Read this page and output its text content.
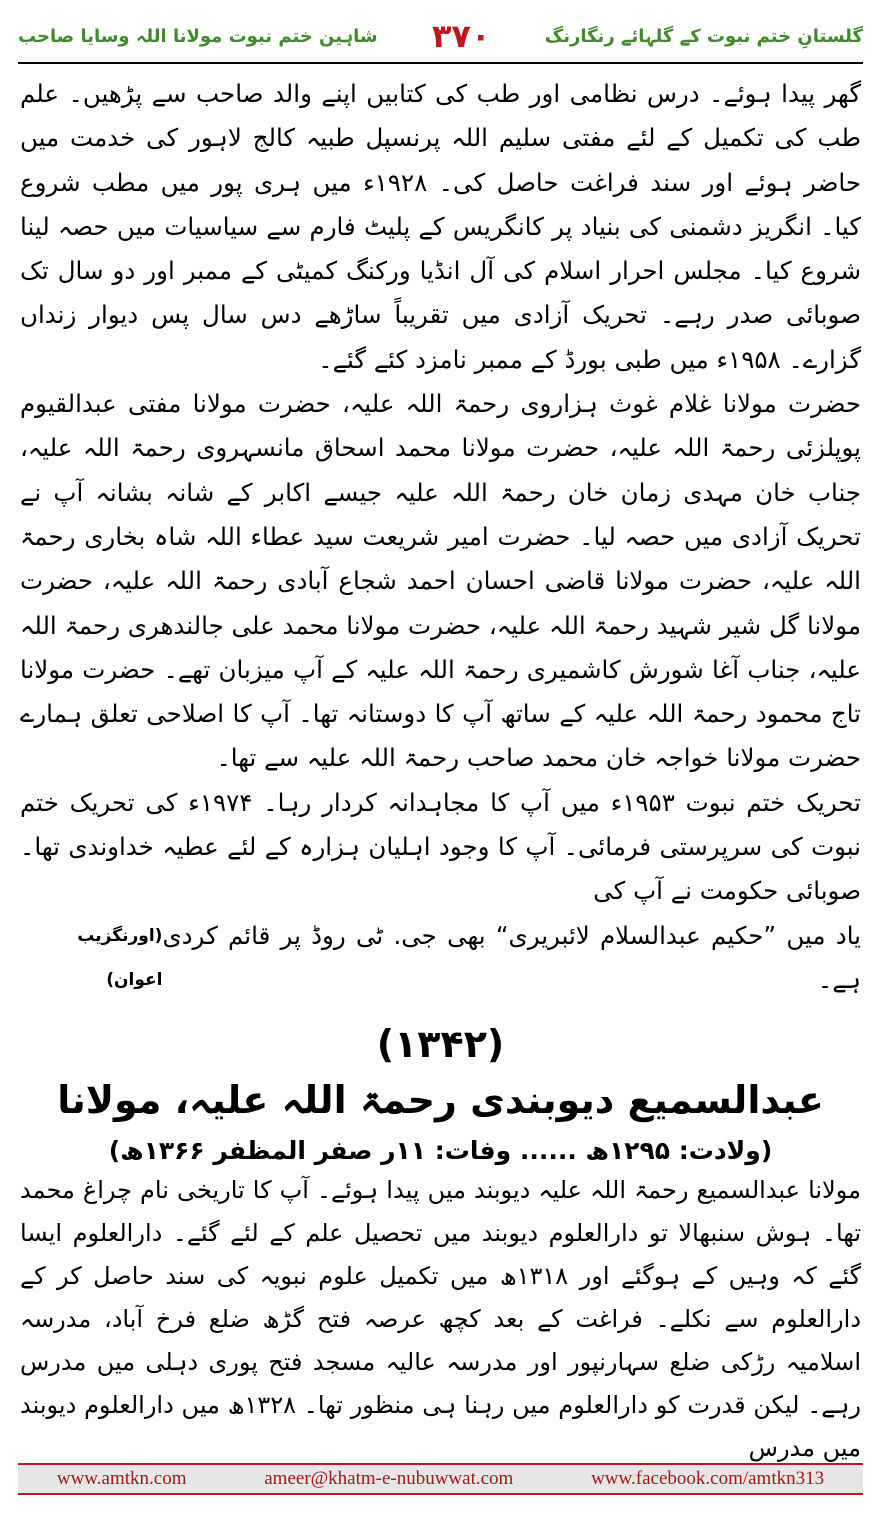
شاہین ختم نبوت مولانا اللہ وسایا صاحب ۳۷۰	گلستانِ ختم نبوت کے گلہائے رنگارنگ

گھر پیدا ہوئے۔ درس نظامی اور طب کی کتابیں اپنے والد صاحب سے پڑھیں۔ علم طب کی تکمیل کے لئے مفتی سلیم اللہ پرنسپل طبیہ کالج لاہور کی خدمت میں حاضر ہوئے اور سند فراغت حاصل کی۔ ۱۹۲۸ء میں ہری پور میں مطب شروع کیا۔ انگریز دشمنی کی بنیاد پر کانگریس کے پلیٹ فارم سے سیاسیات میں حصہ لینا شروع کیا۔ مجلس احرار اسلام کی آل انڈیا ورکنگ کمیٹی کے ممبر اور دو سال تک صوبائی صدر رہے۔ تحریک آزادی میں تقریباً ساڑھے دس سال پس دیوار زنداں گزارے۔ ۱۹۵۸ء میں طبی بورڈ کے ممبر نامزد کئے گئے۔

حضرت مولانا غلام غوث ہزاروی رحمۃ اللہ علیہ، حضرت مولانا مفتی عبدالقیوم پوپلزئی رحمۃ اللہ علیہ، حضرت مولانا محمد اسحاق مانسہروی رحمۃ اللہ علیہ، جناب خان مہدی زمان خان رحمۃ اللہ علیہ جیسے اکابر کے شانہ بشانہ آپ نے تحریک آزادی میں حصہ لیا۔ حضرت امیر شریعت سید عطاء اللہ شاہ بخاری رحمۃ اللہ علیہ، حضرت مولانا قاضی احسان احمد شجاع آبادی رحمۃ اللہ علیہ، حضرت مولانا گل شیر شہید رحمۃ اللہ علیہ، حضرت مولانا محمد علی جالندھری رحمۃ اللہ علیہ، جناب آغا شورش کاشمیری رحمۃ اللہ علیہ کے آپ میزبان تھے۔ حضرت مولانا تاج محمود رحمۃ اللہ علیہ کے ساتھ آپ کا دوستانہ تھا۔ آپ کا اصلاحی تعلق ہمارے حضرت مولانا خواجہ خان محمد صاحب رحمۃ اللہ علیہ سے تھا۔

تحریک ختم نبوت ۱۹۵۳ء میں آپ کا مجاہدانہ کردار رہا۔ ۱۹۷۴ء کی تحریک ختم نبوت کی سرپرستی فرمائی۔ آپ کا وجود اہلیان ہزارہ کے لئے عطیہ خداوندی تھا۔ صوبائی حکومت نے آپ کی

یاد میں ”حکیم عبدالسلام لائبریری“ بھی جی. ٹی روڈ پر قائم کردی ہے۔
(اورنگزیب اعوان)
(۱۳۴۲)
عبدالسمیع دیوبندی رحمۃ اللہ علیہ، مولانا
(ولادت: ۱۲۹۵ھ ...... وفات: ۱۱ر صفر المظفر ۱۳۶۶ھ)

مولانا عبدالسمیع رحمۃ اللہ علیہ دیوبند میں پیدا ہوئے۔ آپ کا تاریخی نام چراغ محمد تھا۔ ہوش سنبھالا تو دارالعلوم دیوبند میں تحصیل علم کے لئے گئے۔ دارالعلوم ایسا گئے کہ وہیں کے ہوگئے اور ۱۳۱۸ھ میں تکمیل علوم نبویہ کی سند حاصل کر کے دارالعلوم سے نکلے۔ فراغت کے بعد کچھ عرصہ فتح گڑھ ضلع فرخ آباد، مدرسہ اسلامیہ رڑکی ضلع سہارنپور اور مدرسہ عالیہ مسجد فتح پوری دہلی میں مدرس رہے۔ لیکن قدرت کو دارالعلوم میں رہنا ہی منظور تھا۔ ۱۳۲۸ھ میں دارالعلوم دیوبند میں مدرس

www.amtkn.com	ameer@khatm-e-nubuwwat.com	www.facebook.com/amtkn313
